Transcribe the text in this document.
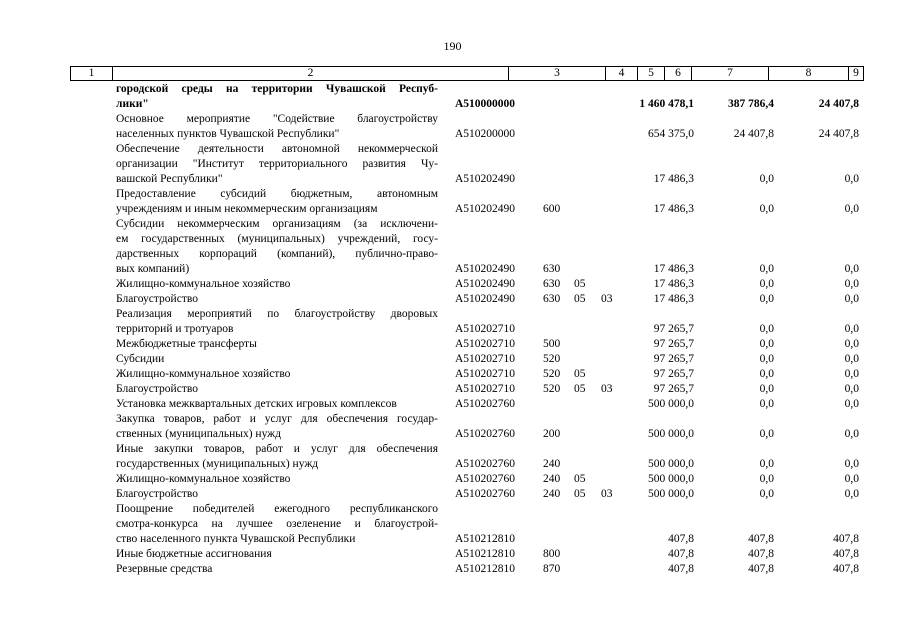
190
1	2	3	4	5	6	7	8	9
городской среды на территории Чувашской Респуб-
лики"	A510000000	1 460 478,1	387 786,4	24 407,8
Основное мероприятие "Содействие благоустройству
населенных пунктов Чувашской Республики"	A510200000	654 375,0	24 407,8	24 407,8
Обеспечение деятельности автономной некоммерческой
организации "Институт территориального развития Чу-
вашской Республики"	A510202490	17 486,3	0,0	0,0
Предоставление субсидий бюджетным, автономным
учреждениям и иным некоммерческим организациям	A510202490 600	17 486,3	0,0	0,0
Субсидии некоммерческим организациям (за исключени-
ем государственных (муниципальных) учреждений, госу-
дарственных корпораций (компаний), публично-право-
вых компаний)	A510202490 630	17 486,3	0,0	0,0
Жилищно-коммунальное хозяйство	A510202490 630 05	17 486,3	0,0	0,0
Благоустройство	A510202490 630 05 03	17 486,3	0,0	0,0
Реализация мероприятий по благоустройству дворовых
территорий и тротуаров	A510202710	97 265,7	0,0	0,0
Межбюджетные трансферты	A510202710 500	97 265,7	0,0	0,0
Субсидии	A510202710 520	97 265,7	0,0	0,0
Жилищно-коммунальное хозяйство	A510202710 520 05	97 265,7	0,0	0,0
Благоустройство	A510202710 520 05 03	97 265,7	0,0	0,0
Установка межквартальных детских игровых комплексов	A510202760	500 000,0	0,0	0,0
Закупка товаров, работ и услуг для обеспечения государ-
ственных (муниципальных) нужд	A510202760 200	500 000,0	0,0	0,0
Иные закупки товаров, работ и услуг для обеспечения
государственных (муниципальных) нужд	A510202760 240	500 000,0	0,0	0,0
Жилищно-коммунальное хозяйство	A510202760 240 05	500 000,0	0,0	0,0
Благоустройство	A510202760 240 05 03	500 000,0	0,0	0,0
Поощрение победителей ежегодного республиканского
смотра-конкурса на лучшее озеленение и благоустрой-
ство населенного пункта Чувашской Республики	A510212810	407,8	407,8	407,8
Иные бюджетные ассигнования	A510212810 800	407,8	407,8	407,8
Резервные средства	A510212810 870	407,8	407,8	407,8
